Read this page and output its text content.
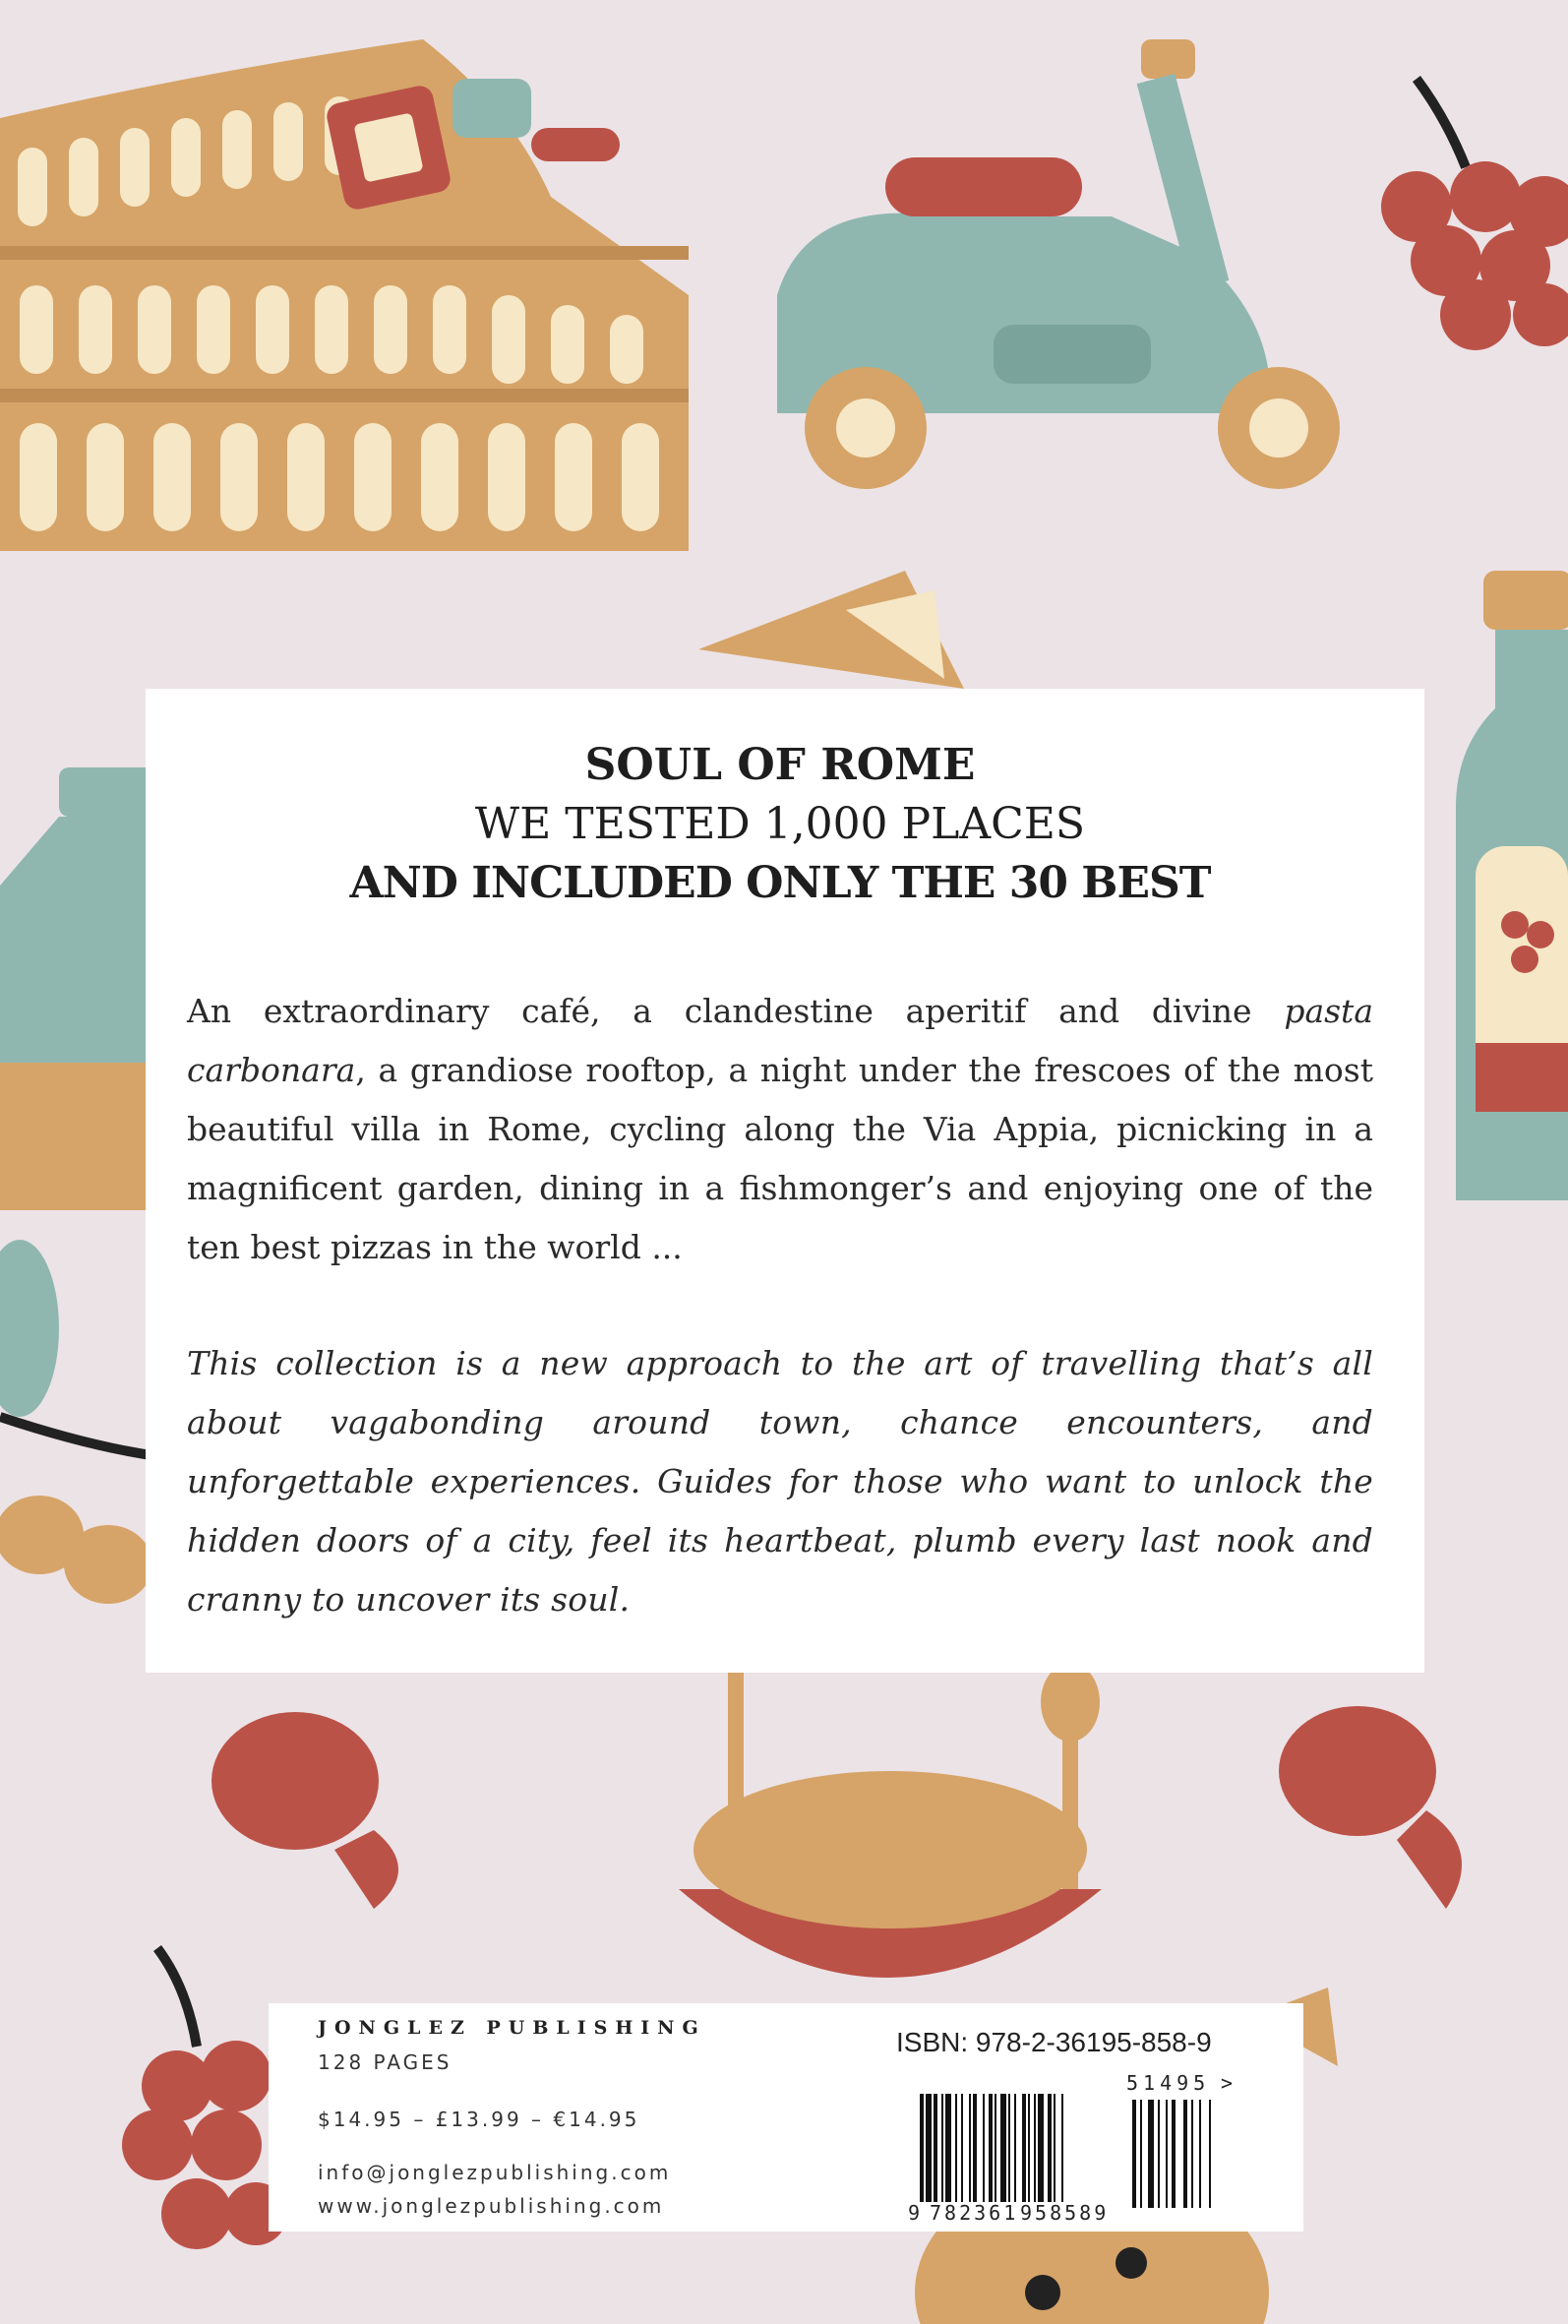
SOUL OF ROME
WE TESTED 1,000 PLACES
AND INCLUDED ONLY THE 30 BEST

An extraordinary café, a clandestine aperitif and divine pasta carbonara, a grandiose rooftop, a night under the frescoes of the most beautiful villa in Rome, cycling along the Via Appia, picnicking in a magnificent garden, dining in a fishmonger’s and enjoying one of the ten best pizzas in the world ...

This collection is a new approach to the art of travelling that’s all about vagabonding around town, chance encounters, and unforgettable experiences. Guides for those who want to unlock the hidden doors of a city, feel its heartbeat, plumb every last nook and cranny to uncover its soul.

JONGLEZ PUBLISHING
128 PAGES
$14.95 – £13.99 – €14.95
info@jonglezpublishing.com
www.jonglezpublishing.com
ISBN: 978-2-36195-858-9
9 782361 958589
51495 >
